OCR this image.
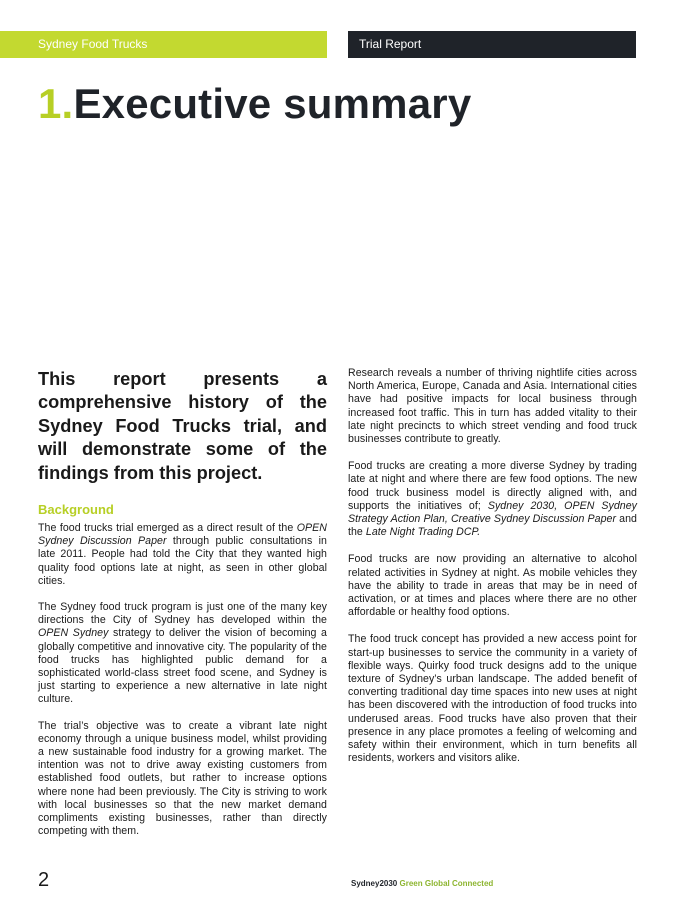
Sydney Food Trucks	Trial Report
1.Executive summary

This report presents a comprehensive history of the Sydney Food Trucks trial, and will demonstrate some of the findings from this project.

Background

The food trucks trial emerged as a direct result of the OPEN Sydney Discussion Paper through public consultations in late 2011. People had told the City that they wanted high quality food options late at night, as seen in other global cities.

The Sydney food truck program is just one of the many key directions the City of Sydney has developed within the OPEN Sydney strategy to deliver the vision of becoming a globally competitive and innovative city. The popularity of the food trucks has highlighted public demand for a sophisticated world-class street food scene, and Sydney is just starting to experience a new alternative in late night culture.

The trial’s objective was to create a vibrant late night economy through a unique business model, whilst providing a new sustainable food industry for a growing market. The intention was not to drive away existing customers from established food outlets, but rather to increase options where none had been previously. The City is striving to work with local businesses so that the new market demand compliments existing businesses, rather than directly competing with them.

Research reveals a number of thriving nightlife cities across North America, Europe, Canada and Asia. International cities have had positive impacts for local business through increased foot traffic. This in turn has added vitality to their late night precincts to which street vending and food truck businesses contribute to greatly.

Food trucks are creating a more diverse Sydney by trading late at night and where there are few food options. The new food truck business model is directly aligned with, and supports the initiatives of; Sydney 2030, OPEN Sydney Strategy Action Plan, Creative Sydney Discussion Paper and the Late Night Trading DCP.

Food trucks are now providing an alternative to alcohol related activities in Sydney at night. As mobile vehicles they have the ability to trade in areas that may be in need of activation, or at times and places where there are no other affordable or healthy food options.

The food truck concept has provided a new access point for start-up businesses to service the community in a variety of flexible ways. Quirky food truck designs add to the unique texture of Sydney’s urban landscape. The added benefit of converting traditional day time spaces into new uses at night has been discovered with the introduction of food trucks into underused areas. Food trucks have also proven that their presence in any place promotes a feeling of welcoming and safety within their environment, which in turn benefits all residents, workers and visitors alike.

2	Sydney2030 Green Global Connected
